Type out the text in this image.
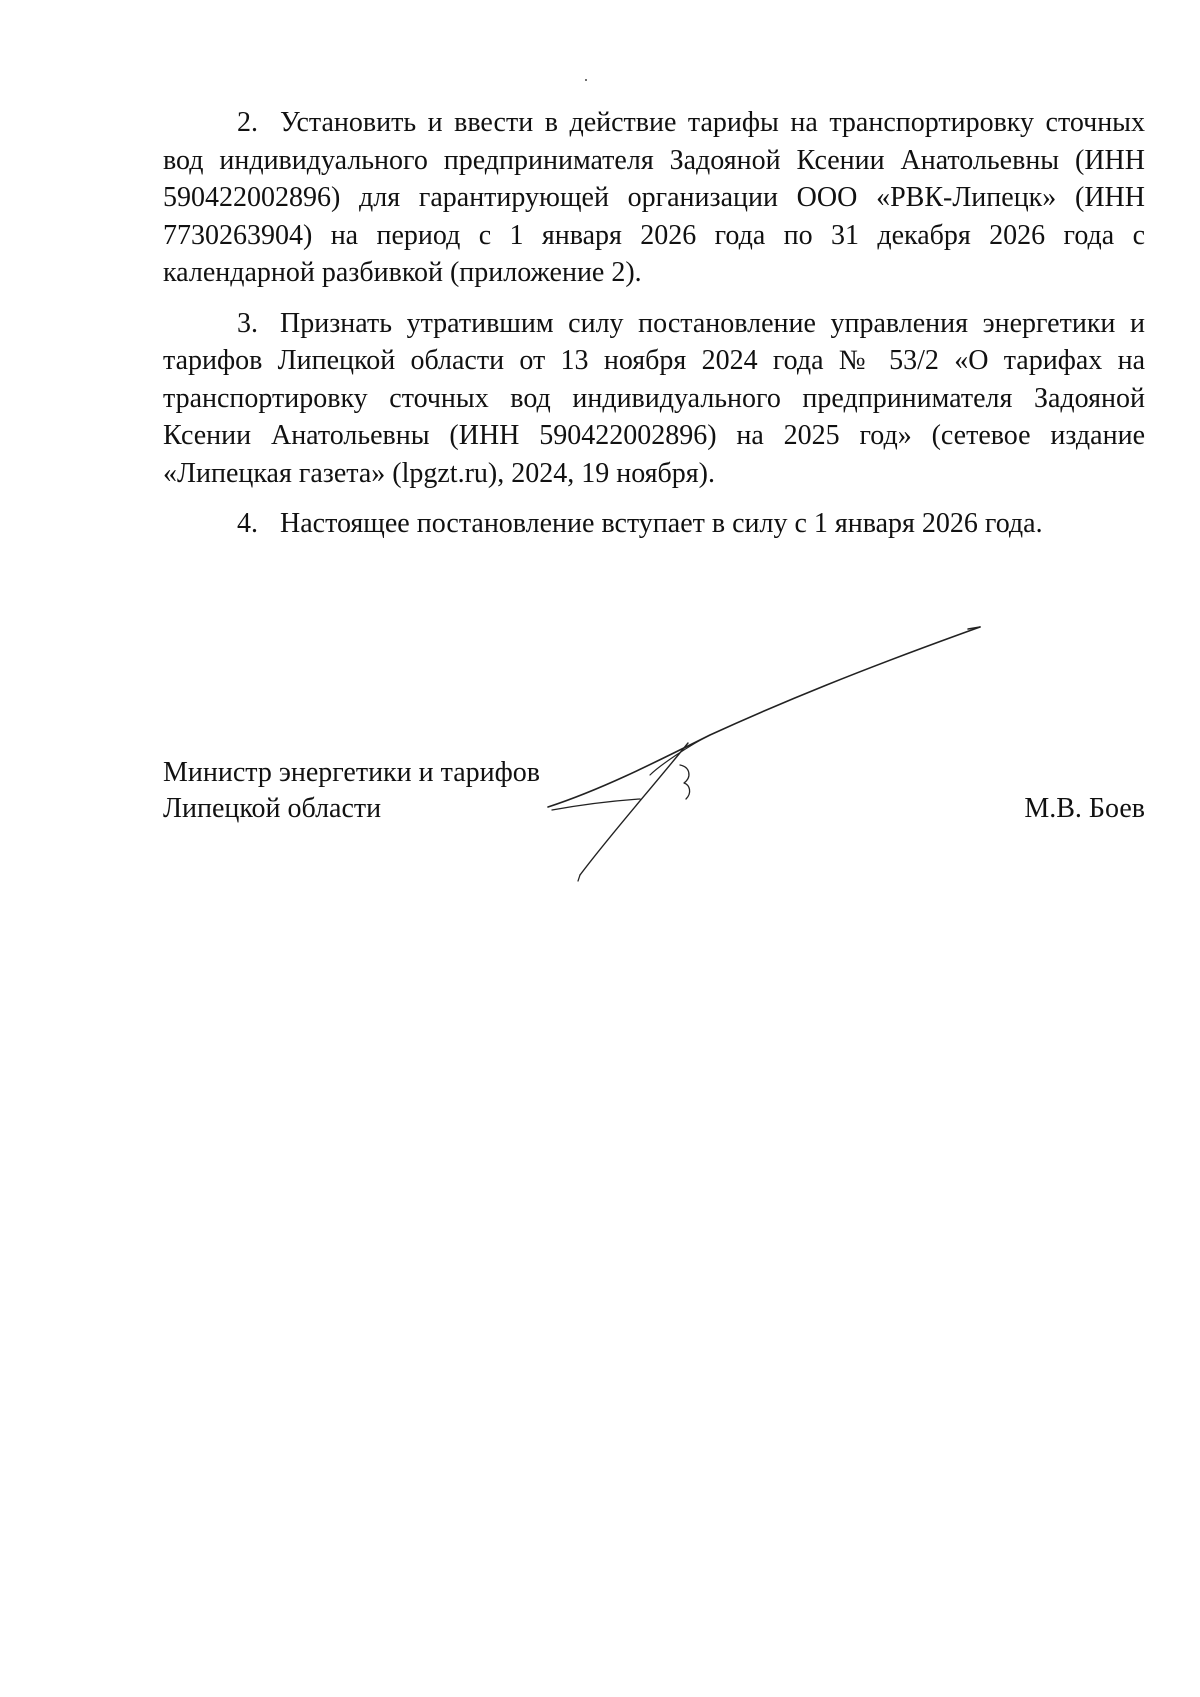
2. Установить и ввести в действие тарифы на транспортировку сточных вод индивидуального предпринимателя Задояной Ксении Анатольевны (ИНН 590422002896) для гарантирующей организации ООО «РВК-Липецк» (ИНН 7730263904) на период с 1 января 2026 года по 31 декабря 2026 года с календарной разбивкой (приложение 2).

3. Признать утратившим силу постановление управления энергетики и тарифов Липецкой области от 13 ноября 2024 года № 53/2 «О тарифах на транспортировку сточных вод индивидуального предпринимателя Задояной Ксении Анатольевны (ИНН 590422002896) на 2025 год» (сетевое издание «Липецкая газета» (lpgzt.ru), 2024, 19 ноября).

4. Настоящее постановление вступает в силу с 1 января 2026 года.

Министр энергетики и тарифов
Липецкой области	М.В. Боев
